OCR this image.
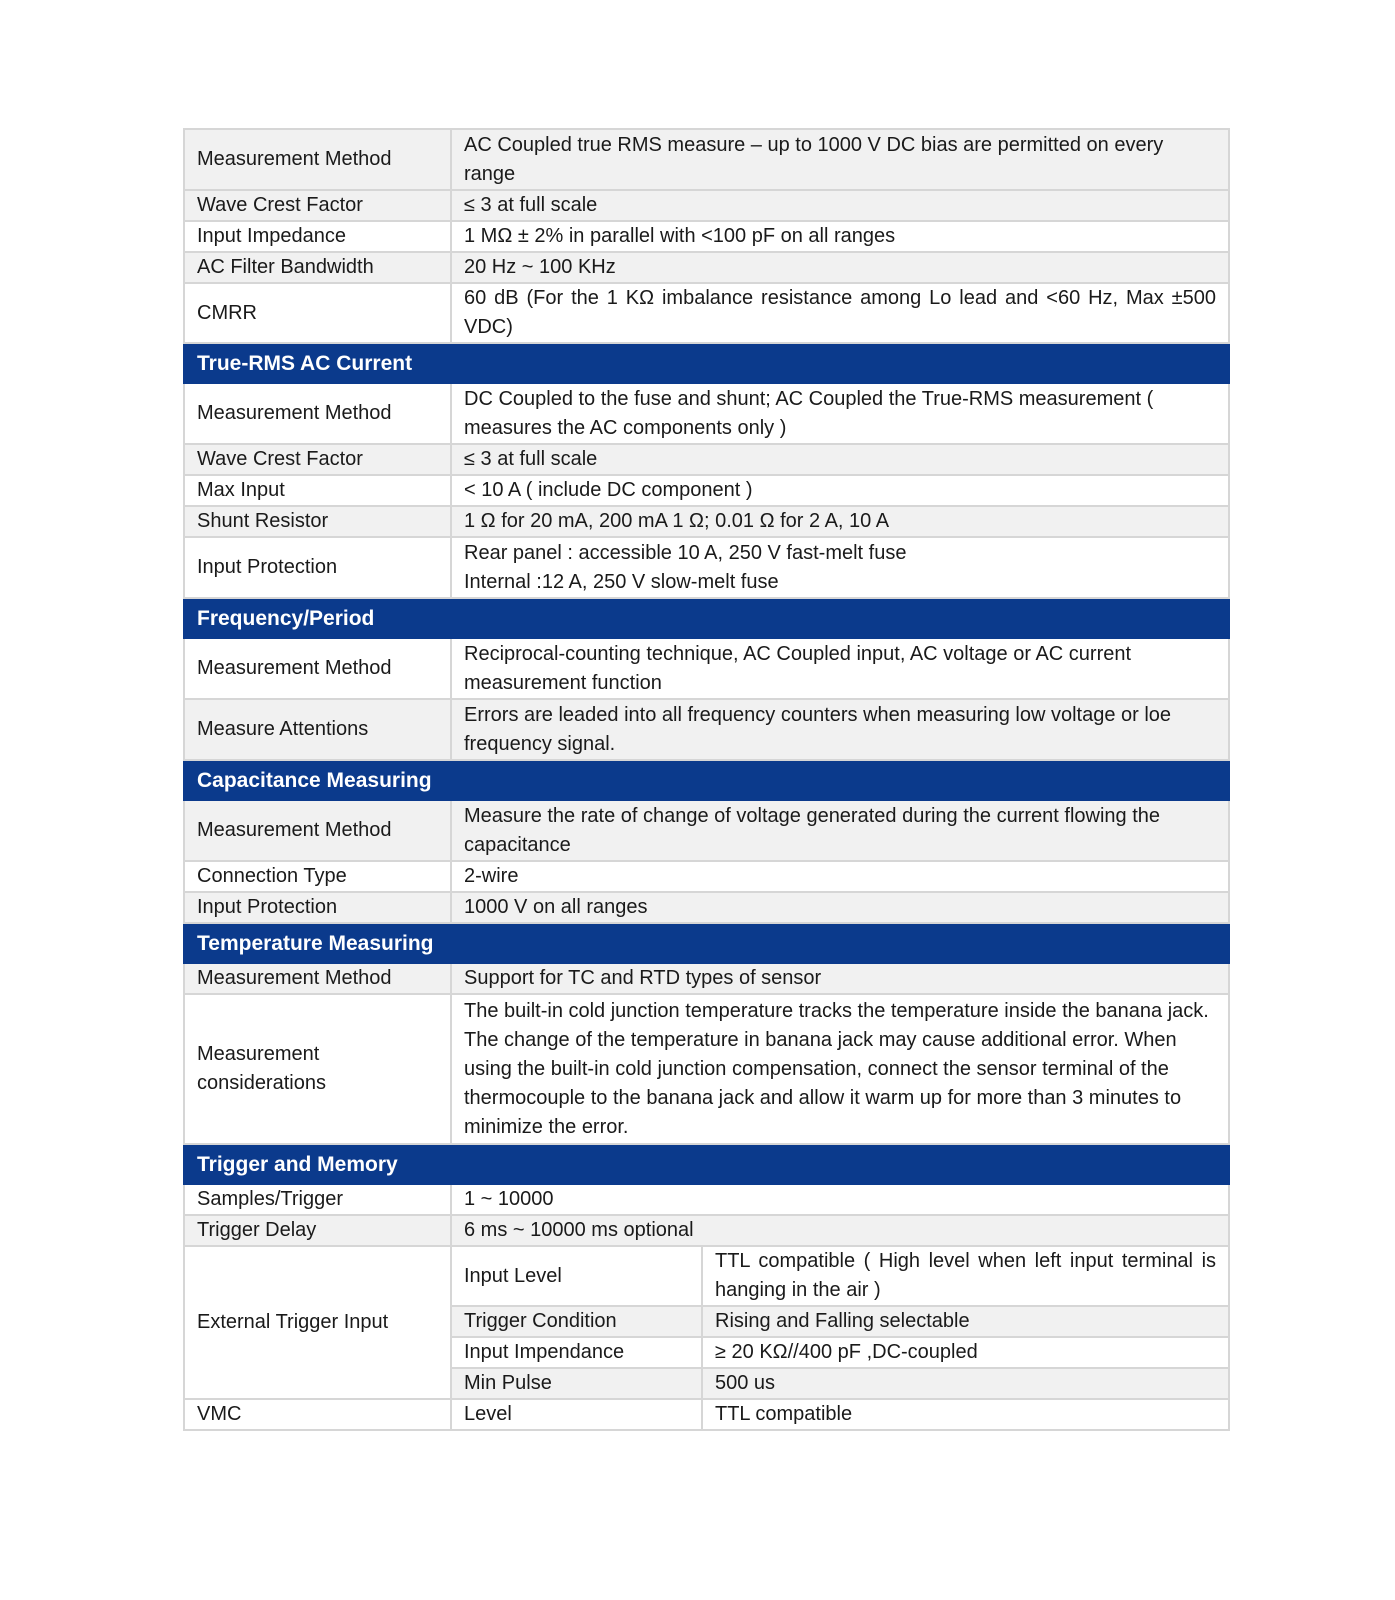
Measurement Method	AC Coupled true RMS measure – up to 1000 V DC bias are permitted on every range	
Wave Crest Factor	≤ 3 at full scale	
Input Impedance	1 MΩ ± 2% in parallel with <100 pF on all ranges	
AC Filter Bandwidth	20 Hz ~ 100 KHz	
CMRR	60 dB (For the 1 KΩ imbalance resistance among Lo lead and <60 Hz, Max ±500 VDC)	
True-RMS AC Current		
Measurement Method	DC Coupled to the fuse and shunt; AC Coupled the True-RMS measurement ( measures the AC components only )	
Wave Crest Factor	≤ 3 at full scale	
Max Input	< 10 A ( include DC component )	
Shunt Resistor	1 Ω for 20 mA, 200 mA 1 Ω; 0.01 Ω for 2 A, 10 A	
Input Protection	Rear panel : accessible 10 A, 250 V fast-melt fuse
Internal :12 A, 250 V slow-melt fuse	

Frequency/Period		
Measurement Method	Reciprocal-counting technique, AC Coupled input, AC voltage or AC current measurement function	
Measure Attentions	Errors are leaded into all frequency counters when measuring low voltage or loe frequency signal.	
Capacitance Measuring		
Measurement Method	Measure the rate of change of voltage generated during the current flowing the capacitance	
Connection Type	2-wire	
Input Protection	1000 V on all ranges	
Temperature Measuring		
Measurement Method	Support for TC and RTD types of sensor	
Measurement considerations	The built-in cold junction temperature tracks the temperature inside the banana jack. The change of the temperature in banana jack may cause additional error. When using the built-in cold junction compensation, connect the sensor terminal of the thermocouple to the banana jack and allow it warm up for more than 3 minutes to minimize the error.	
Trigger and Memory		
Samples/Trigger	1 ~ 10000	
Trigger Delay	6 ms ~ 10000 ms optional	
External Trigger Input	Input Level	TTL compatible ( High level when left input terminal is hanging in the air )
	Trigger Condition	Rising and Falling selectable
	Input Impendance	≥ 20 KΩ//400 pF ,DC-coupled
	Min Pulse	500 us
VMC	Level	TTL compatible
